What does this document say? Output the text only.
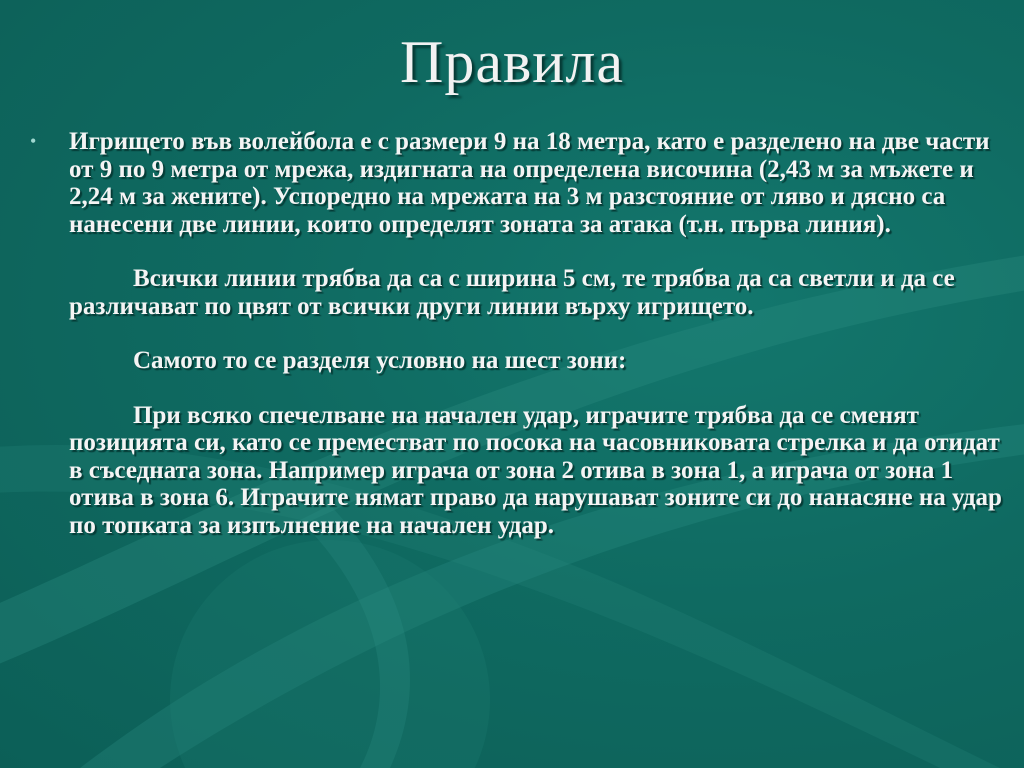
Правила
• Игрището във волейбола е с размери 9 на 18 метра, като е разделено на две части от 9 по 9 метра от мрежа, издигната на определена височина (2,43 м за мъжете и 2,24 м за жените). Успоредно на мрежата на 3 м разстояние от ляво и дясно са нанесени две линии, които определят зоната за атака (т.н. първа линия).

Всички линии трябва да са с ширина 5 см, те трябва да са светли и да се различават по цвят от всички други линии върху игрището.

Самото то се разделя условно на шест зони:

При всяко спечелване на начален удар, играчите трябва да се сменят позицията си, като се преместват по посока на часовниковата стрелка и да отидат в съседната зона. Например играча от зона 2 отива в зона 1, а играча от зона 1 отива в зона 6. Играчите нямат право да нарушават зоните си до нанасяне на удар по топката за изпълнение на начален удар.
